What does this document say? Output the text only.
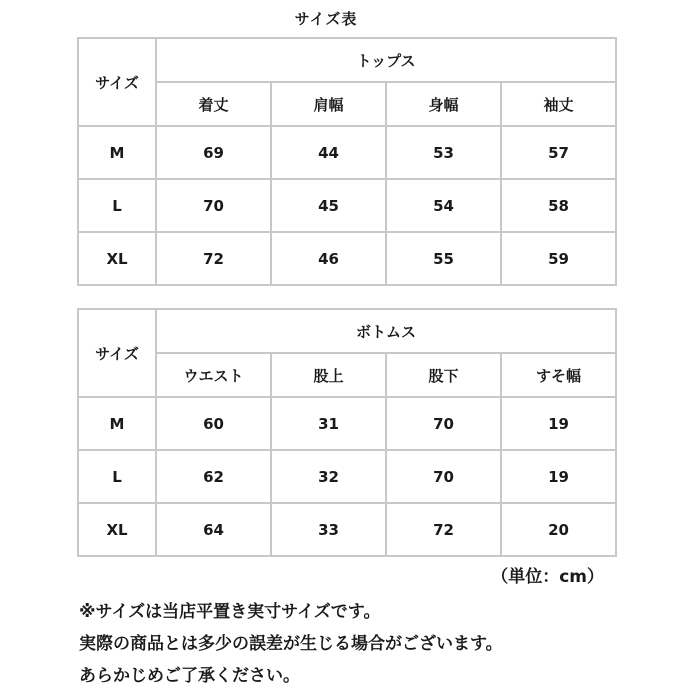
サイズ表
サイズ	トップス			
	着丈	肩幅	身幅	袖丈
M	69	44	53	57
L	70	45	54	58
XL	72	46	55	59
サイズ	ボトムス			
	ウエスト	股上	股下	すそ幅
M	60	31	70	19
L	62	32	70	19
XL	64	33	72	20
（単位：cm）
※サイズは当店平置き実寸サイズです。
実際の商品とは多少の誤差が生じる場合がございます。
あらかじめご了承ください。
